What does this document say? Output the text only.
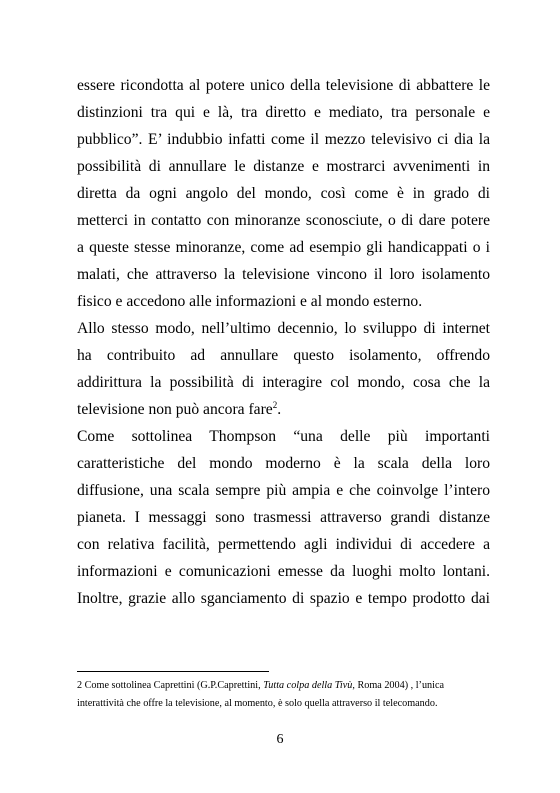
essere ricondotta al potere unico della televisione di abbattere le
distinzioni tra qui e là, tra diretto e mediato, tra personale e
pubblico”. E’ indubbio infatti come il mezzo televisivo ci dia la
possibilità di annullare le distanze e mostrarci avvenimenti in
diretta da ogni angolo del mondo, così come è in grado di
metterci in contatto con minoranze sconosciute, o di dare potere
a queste stesse minoranze, come ad esempio gli handicappati o i
malati, che attraverso la televisione vincono il loro isolamento
fisico e accedono alle informazioni e al mondo esterno.
Allo stesso modo, nell’ultimo decennio, lo sviluppo di internet
ha contribuito ad annullare questo isolamento, offrendo
addirittura la possibilità di interagire col mondo, cosa che la
televisione non può ancora fare$^2$.
Come sottolinea Thompson “una delle più importanti
caratteristiche del mondo moderno è la scala della loro
diffusione, una scala sempre più ampia e che coinvolge l’intero
pianeta. I messaggi sono trasmessi attraverso grandi distanze
con relativa facilità, permettendo agli individui di accedere a
informazioni e comunicazioni emesse da luoghi molto lontani.
Inoltre, grazie allo sganciamento di spazio e tempo prodotto dai
2 Come sottolinea Caprettini (G.P.Caprettini, Tutta colpa della Tivù, Roma 2004) , l’unica
interattività che offre la televisione, al momento, è solo quella attraverso il telecomando.
6
